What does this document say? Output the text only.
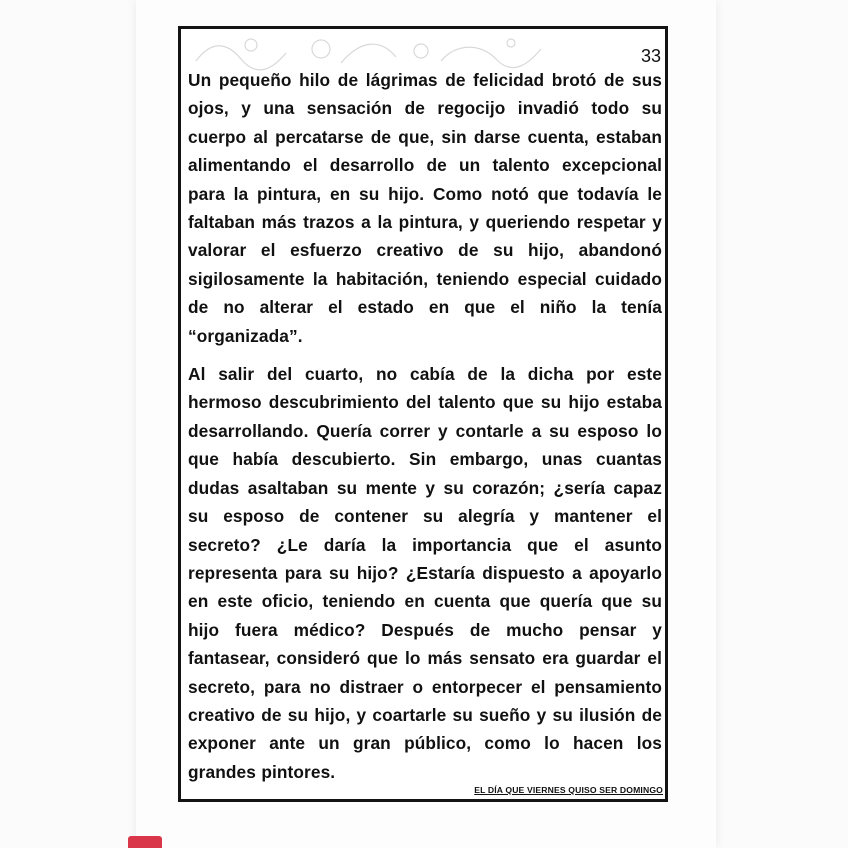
33

Un pequeño hilo de lágrimas de felicidad brotó de sus ojos, y una sensación de regocijo invadió todo su cuerpo al percatarse de que, sin darse cuenta, estaban alimentando el desarrollo de un talento excepcional para la pintura, en su hijo. Como notó que todavía le faltaban más trazos a la pintura, y queriendo respetar y valorar el esfuerzo creativo de su hijo, abandonó sigilosamente la habitación, teniendo especial cuidado de no alterar el estado en que el niño la tenía “organizada”.

Al salir del cuarto, no cabía de la dicha por este hermoso descubrimiento del talento que su hijo estaba desarrollando. Quería correr y contarle a su esposo lo que había descubierto. Sin embargo, unas cuantas dudas asaltaban su mente y su corazón; ¿sería capaz su esposo de contener su alegría y mantener el secreto? ¿Le daría la importancia que el asunto representa para su hijo? ¿Estaría dispuesto a apoyarlo en este oficio, teniendo en cuenta que quería que su hijo fuera médico? Después de mucho pensar y fantasear, consideró que lo más sensato era guardar el secreto, para no distraer o entorpecer el pensamiento creativo de su hijo, y coartarle su sueño y su ilusión de exponer ante un gran público, como lo hacen los grandes pintores.

EL DÍA QUE VIERNES QUISO SER DOMINGO
